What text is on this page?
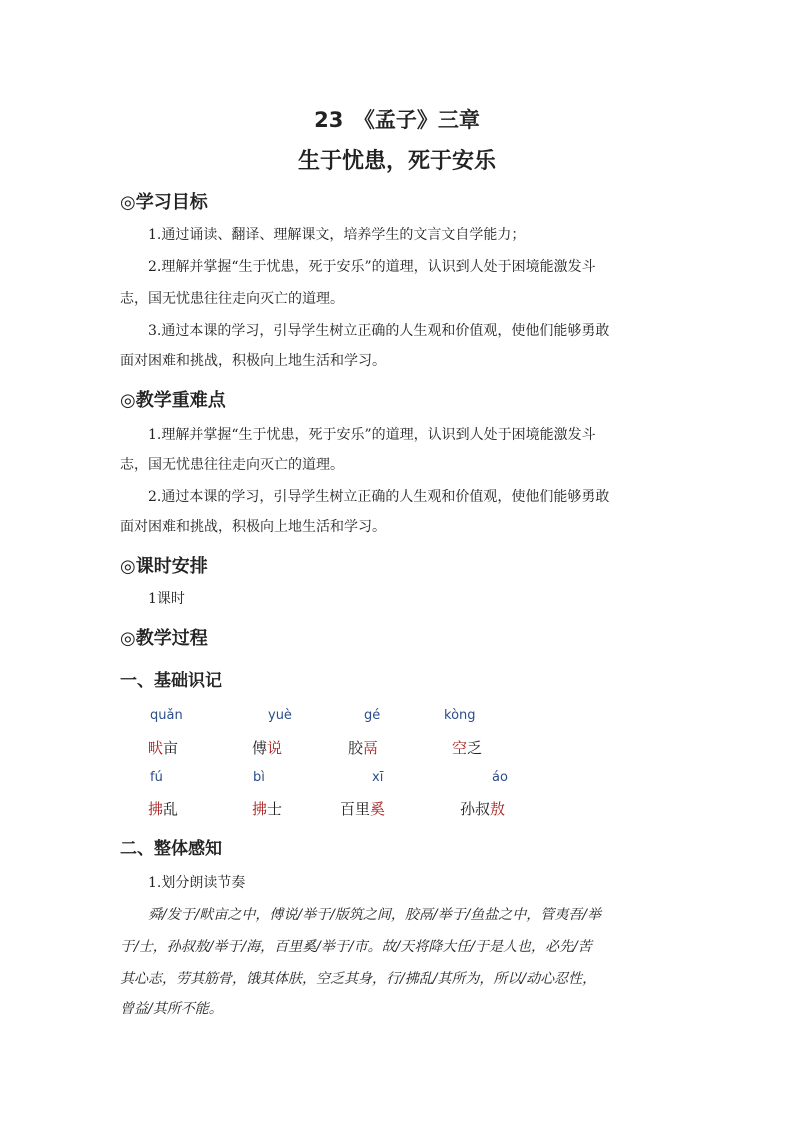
23　《孟子》三章
生于忧患，死于安乐
◎学习目标
1.通过诵读、翻译、理解课文，培养学生的文言文自学能力；
2.理解并掌握“生于忧患，死于安乐”的道理，认识到人处于困境能激发斗
志，国无忧患往往走向灭亡的道理。
3.通过本课的学习，引导学生树立正确的人生观和价值观，使他们能够勇敢
面对困难和挑战，积极向上地生活和学习。
◎教学重难点
1.理解并掌握“生于忧患，死于安乐”的道理，认识到人处于困境能激发斗
志，国无忧患往往走向灭亡的道理。
2.通过本课的学习，引导学生树立正确的人生观和价值观，使他们能够勇敢
面对困难和挑战，积极向上地生活和学习。
◎课时安排
1课时
◎教学过程
一、基础识记
quǎn	yuè	gé	kòng
畎亩	傅说	胶鬲	空乏
fú	bì	xī	áo
拂乱	拂士	百里奚	孙叔敖
二、整体感知
1.划分朗读节奏
舜/发于/畎亩之中，傅说/举于/版筑之间，胶鬲/举于/鱼盐之中，管夷吾/举
于/士，孙叔敖/举于/海，百里奚/举于/市。故/天将降大任/于是人也，必先/苦
其心志，劳其筋骨，饿其体肤，空乏其身，行/拂乱/其所为，所以/动心忍性，
曾益/其所不能。
